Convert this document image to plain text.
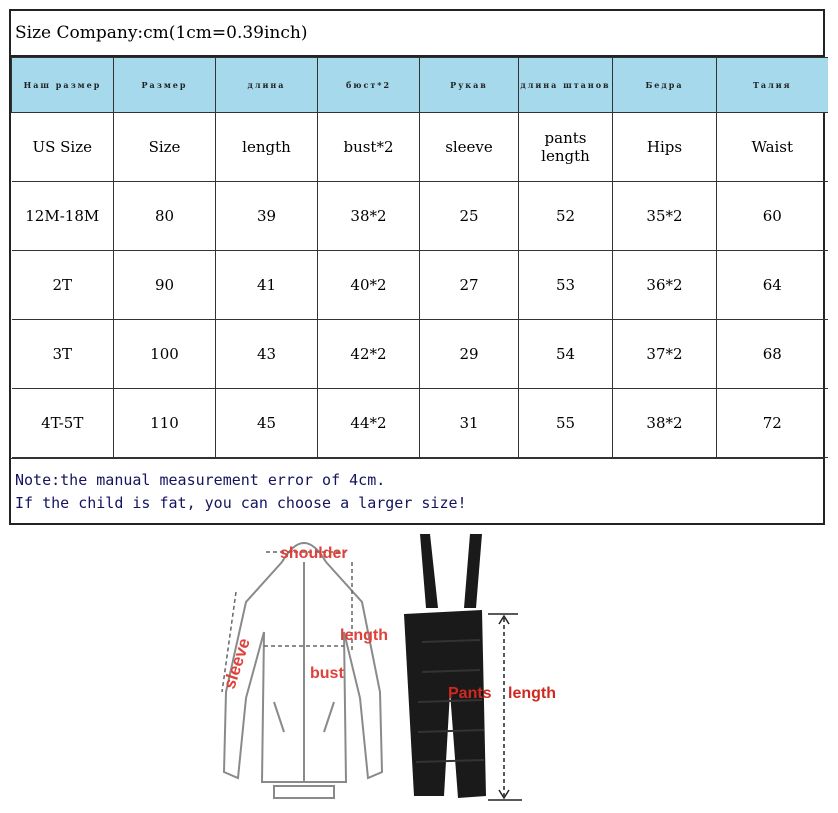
Size Company:cm(1cm=0.39inch)
Наш размер	Размер	длина	бюст*2	Рукав	длина штанов	Бедра	Талия
US Size	Size	length	bust*2	sleeve	pants length	Hips	Waist
12M-18M	80	39	38*2	25	52	35*2	60
2T	90	41	40*2	27	53	36*2	64
3T	100	43	42*2	29	54	37*2	68
4T-5T	110	45	44*2	31	55	38*2	72
Note:the manual measurement error of 4cm.
If the child is fat, you can choose a larger size!
shoulder
sleeve
length
bust
Pants length
